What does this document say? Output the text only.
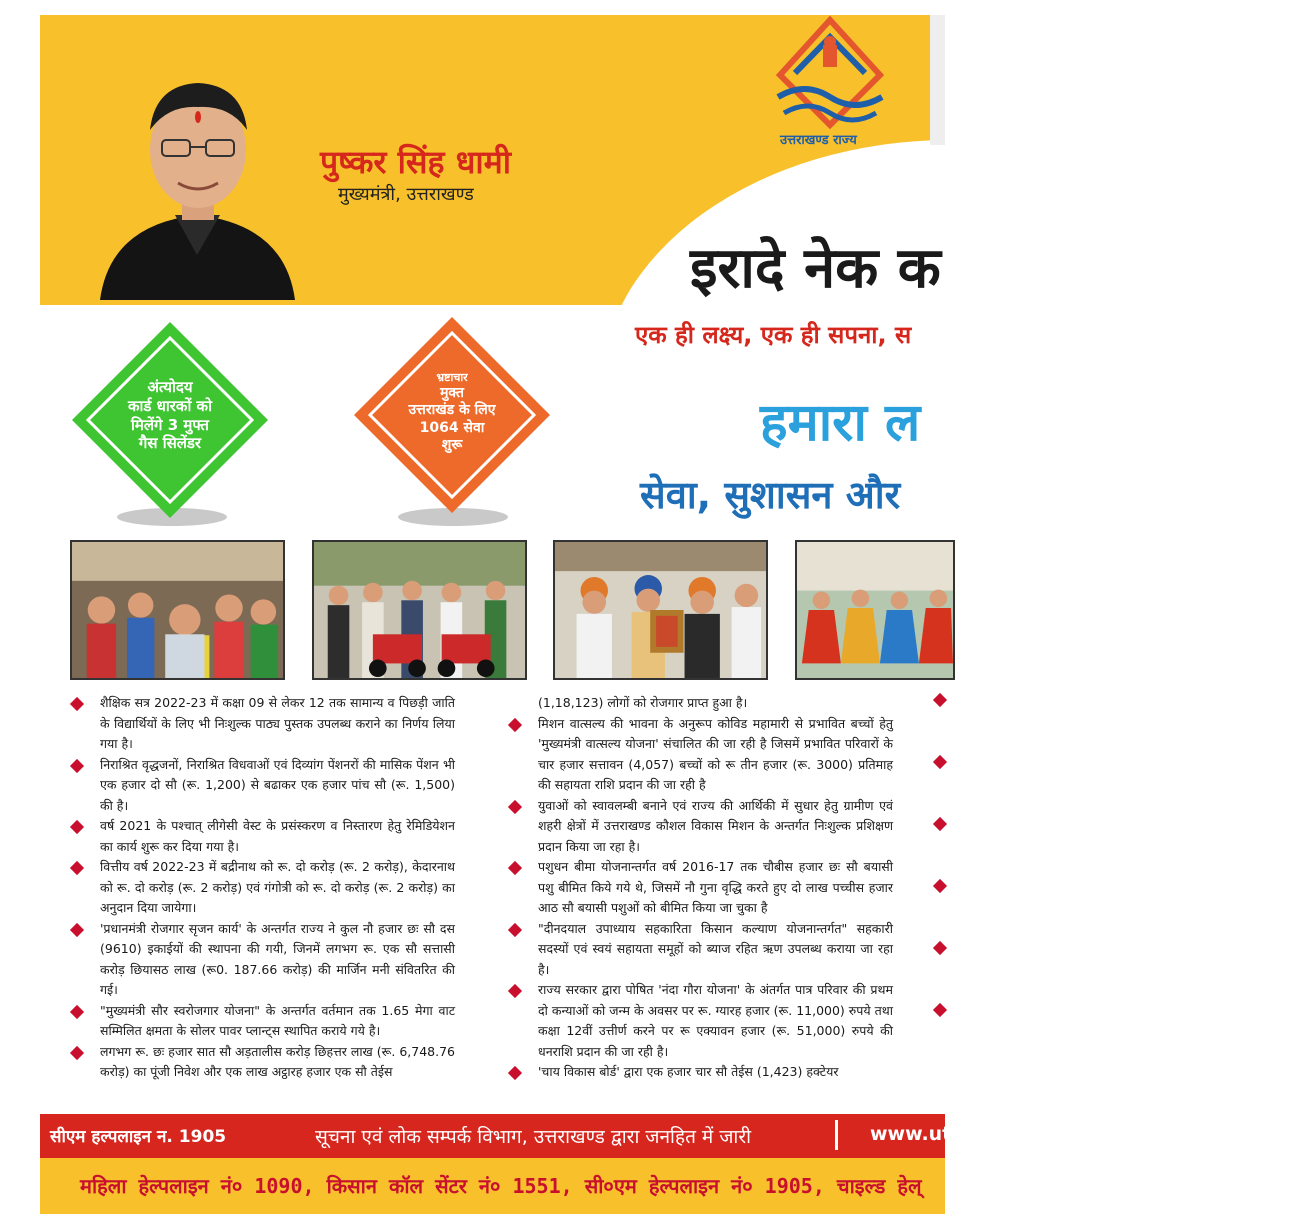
पुष्कर सिंह धामी
मुख्यमंत्री, उत्तराखण्ड
उत्तराखण्ड राज्य
इरादे नेक क
एक ही लक्ष्य, एक ही सपना, स
हमारा ल
सेवा, सुशासन और
अंत्योदय
कार्ड धारकों को
मिलेंगे 3 मुफ्त
गैस सिलेंडर
भ्रष्टाचार
मुक्त
उत्तराखंड के लिए
1064 सेवा
शुरू
शैक्षिक सत्र 2022-23 में कक्षा 09 से लेकर 12 तक सामान्य व पिछड़ी जाति के विद्यार्थियों के लिए भी निःशुल्क पाठ्य पुस्तक उपलब्ध कराने का निर्णय लिया गया है।
निराश्रित वृद्धजनों, निराश्रित विधवाओं एवं दिव्यांग पेंशनरों की मासिक पेंशन भी एक हजार दो सौ (रू. 1,200) से बढाकर एक हजार पांच सौ (रू. 1,500) की है।
वर्ष 2021 के पश्चात् लीगेसी वेस्ट के प्रसंस्करण व निस्तारण हेतु रेमिडियेशन का कार्य शुरू कर दिया गया है।
वित्तीय वर्ष 2022-23 में बद्रीनाथ को रू. दो करोड़ (रू. 2 करोड़), केदारनाथ को रू. दो करोड़ (रू. 2 करोड़) एवं गंगोत्री को रू. दो करोड़ (रू. 2 करोड़) का अनुदान दिया जायेगा।
'प्रधानमंत्री रोजगार सृजन कार्य' के अन्तर्गत राज्य ने कुल नौ हजार छः सौ दस (9610) इकाईयों की स्थापना की गयी, जिनमें लगभग रू. एक सौ सत्तासी करोड़ छियासठ लाख (रू0. 187.66 करोड़) की मार्जिन मनी संवितरित की गई।
"मुख्यमंत्री सौर स्वरोजगार योजना" के अन्तर्गत वर्तमान तक 1.65 मेगा वाट सम्मिलित क्षमता के सोलर पावर प्लान्ट्स स्थापित कराये गये है।
लगभग रू. छः हजार सात सौ अड़तालीस करोड़ छिहत्तर लाख (रू. 6,748.76 करोड़) का पूंजी निवेश और एक लाख अट्ठारह हजार एक सौ तेईस
(1,18,123) लोगों को रोजगार प्राप्त हुआ है।
मिशन वात्सल्य की भावना के अनुरूप कोविड महामारी से प्रभावित बच्चों हेतु 'मुख्यमंत्री वात्सल्य योजना' संचालित की जा रही है जिसमें प्रभावित परिवारों के चार हजार सत्तावन (4,057) बच्चों को रू तीन हजार (रू. 3000) प्रतिमाह की सहायता राशि प्रदान की जा रही है
युवाओं को स्वावलम्बी बनाने एवं राज्य की आर्थिकी में सुधार हेतु ग्रामीण एवं शहरी क्षेत्रों में उत्तराखण्ड कौशल विकास मिशन के अन्तर्गत निःशुल्क प्रशिक्षण प्रदान किया जा रहा है।
पशुधन बीमा योजनान्तर्गत वर्ष 2016-17 तक चौबीस हजार छः सौ बयासी पशु बीमित किये गये थे, जिसमें नौ गुना वृद्धि करते हुए दो लाख पच्चीस हजार आठ सौ बयासी पशुओं को बीमित किया जा चुका है
"दीनदयाल उपाध्याय सहकारिता किसान कल्याण योजनान्तर्गत" सहकारी सदस्यों एवं स्वयं सहायता समूहों को ब्याज रहित ऋण उपलब्ध कराया जा रहा है।
राज्य सरकार द्वारा पोषित 'नंदा गौरा योजना' के अंतर्गत पात्र परिवार की प्रथम दो कन्याओं को जन्म के अवसर पर रू. ग्यारह हजार (रू. 11,000) रुपये तथा कक्षा 12वीं उत्तीर्ण करने पर रू एक्यावन हजार (रू. 51,000) रुपये की धनराशि प्रदान की जा रही है।
'चाय विकास बोर्ड' द्वारा एक हजार चार सौ तेईस (1,423) हक्टेयर
सीएम हल्पलाइन न. 1905	सूचना एवं लोक सम्पर्क विभाग, उत्तराखण्ड द्वारा जनहित में जारी	www.utt
महिला हेल्पलाइन नं० 1090, किसान कॉल सेंटर नं० 1551, सी०एम हेल्पलाइन नं० 1905, चाइल्ड हेल्
